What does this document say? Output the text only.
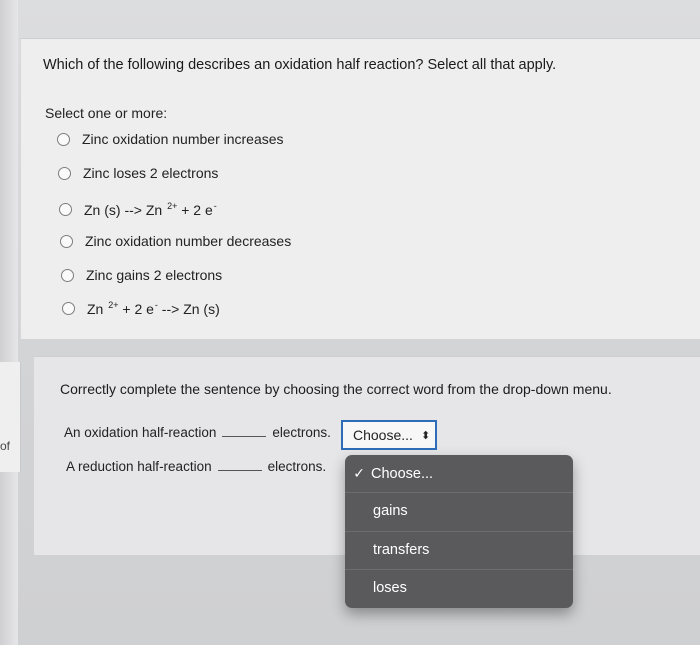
of
Which of the following describes an oxidation half reaction? Select all that apply.
Select one or more:
Zinc oxidation number increases
Zinc loses 2 electrons
Zn (s) --> Zn $^{2+}$ + 2 e-
Zinc oxidation number decreases
Zinc gains 2 electrons
Zn $^{2+}$ + 2 e- --> Zn (s)
Correctly complete the sentence by choosing the correct word from the drop-down menu.
An oxidation half-reaction	electrons.
A reduction half-reaction	electrons.
Choose... ⬍
✓ Choose...
gains
transfers
loses
